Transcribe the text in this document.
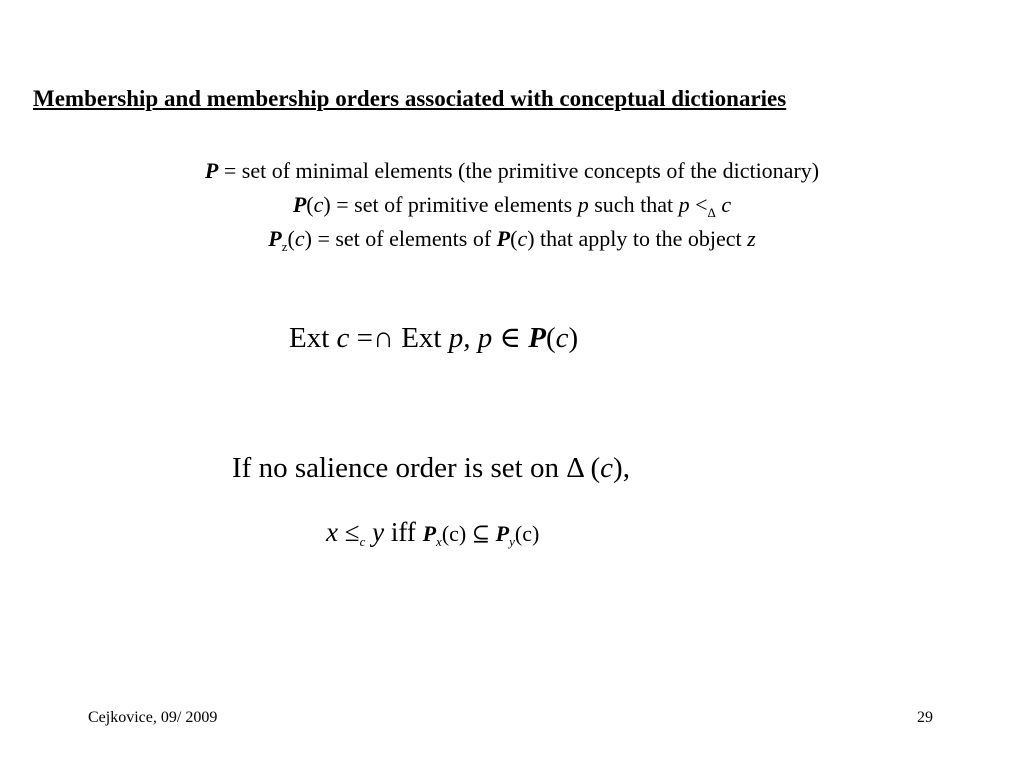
Membership and membership orders associated with conceptual dictionaries
P = set of minimal elements (the primitive concepts of the dictionary)
P(c) = set of primitive elements p such that $p <_\Delta$ c
$P_z(c)$ = set of elements of P(c) that apply to the object z
Ext c =∩ Ext p, p ∈ P(c)
If no salience order is set on Δ (c),
$x \le_c$ y iff $P_x(c)$ ⊆ $P_y(c)$
Cejkovice, 09/ 2009	29
